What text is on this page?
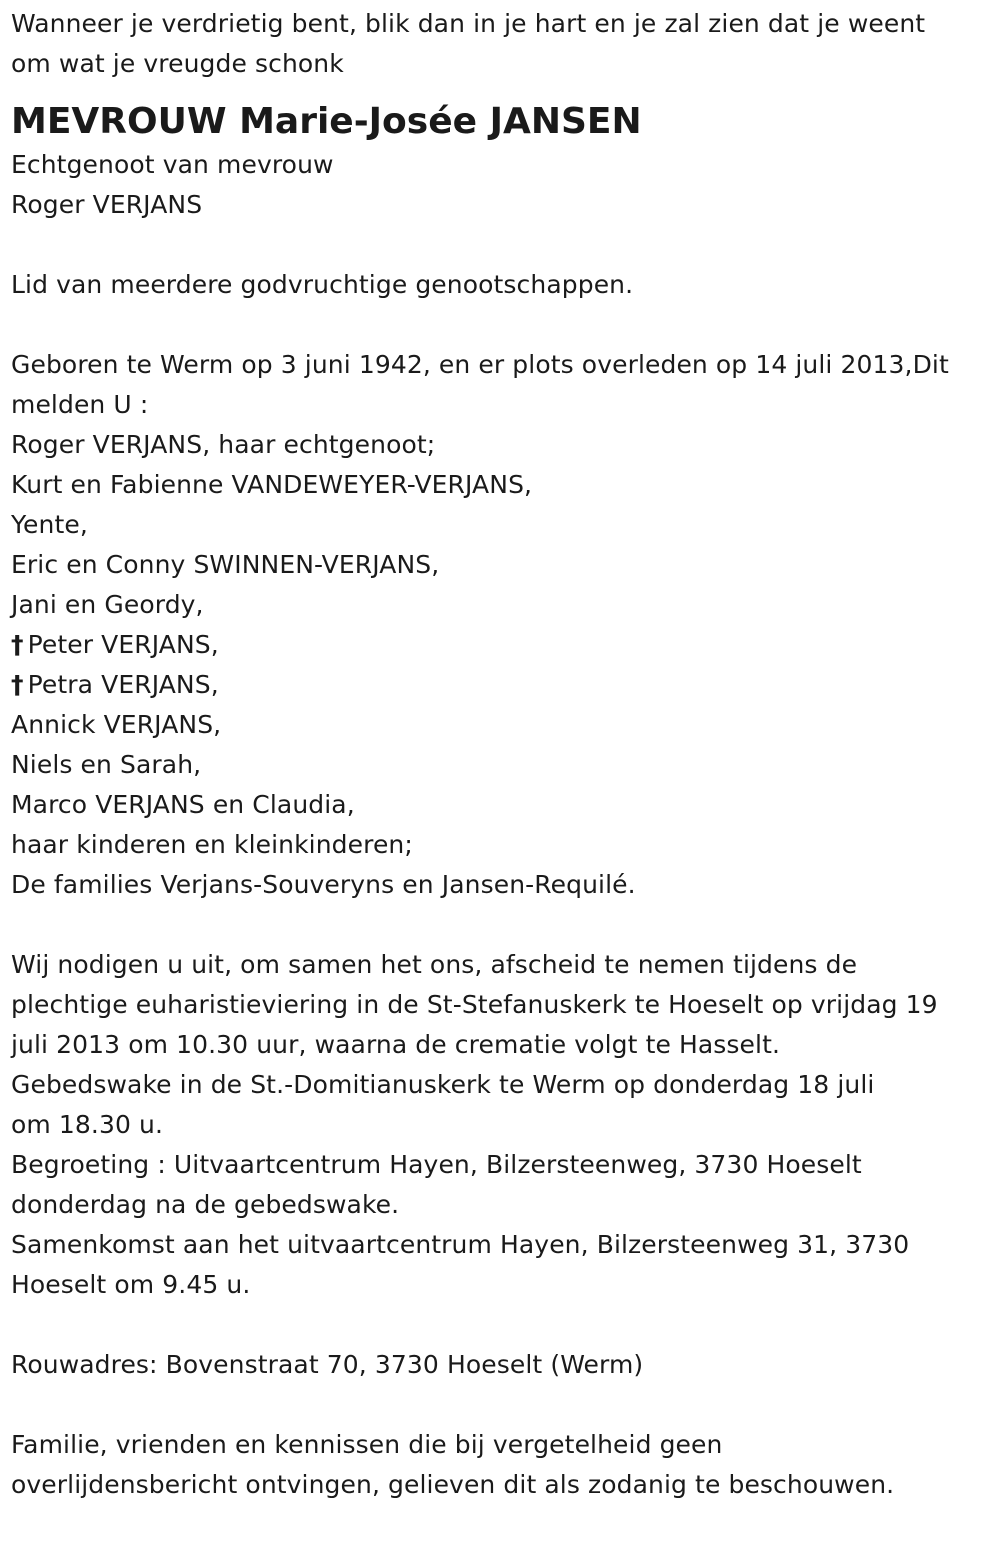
Wanneer je verdrietig bent, blik dan in je hart en je zal zien dat je weent
om wat je vreugde schonk
MEVROUW Marie-Josée JANSEN
Echtgenoot van mevrouw
Roger VERJANS
Lid van meerdere godvruchtige genootschappen.
Geboren te Werm op 3 juni 1942, en er plots overleden op 14 juli 2013,Dit
melden U :
Roger VERJANS, haar echtgenoot;
Kurt en Fabienne VANDEWEYER-VERJANS,
Yente,
Eric en Conny SWINNEN-VERJANS,
Jani en Geordy,
† Peter VERJANS,
† Petra VERJANS,
Annick VERJANS,
Niels en Sarah,
Marco VERJANS en Claudia,
haar kinderen en kleinkinderen;
De families Verjans-Souveryns en Jansen-Requilé.
Wij nodigen u uit, om samen het ons, afscheid te nemen tijdens de
plechtige euharistieviering in de St-Stefanuskerk te Hoeselt op vrijdag 19
juli 2013 om 10.30 uur, waarna de crematie volgt te Hasselt.
Gebedswake in de St.-Domitianuskerk te Werm op donderdag 18 juli
om 18.30 u.
Begroeting : Uitvaartcentrum Hayen, Bilzersteenweg, 3730 Hoeselt
donderdag na de gebedswake.
Samenkomst aan het uitvaartcentrum Hayen, Bilzersteenweg 31, 3730
Hoeselt om 9.45 u.
Rouwadres: Bovenstraat 70, 3730 Hoeselt (Werm)
Familie, vrienden en kennissen die bij vergetelheid geen
overlijdensbericht ontvingen, gelieven dit als zodanig te beschouwen.
